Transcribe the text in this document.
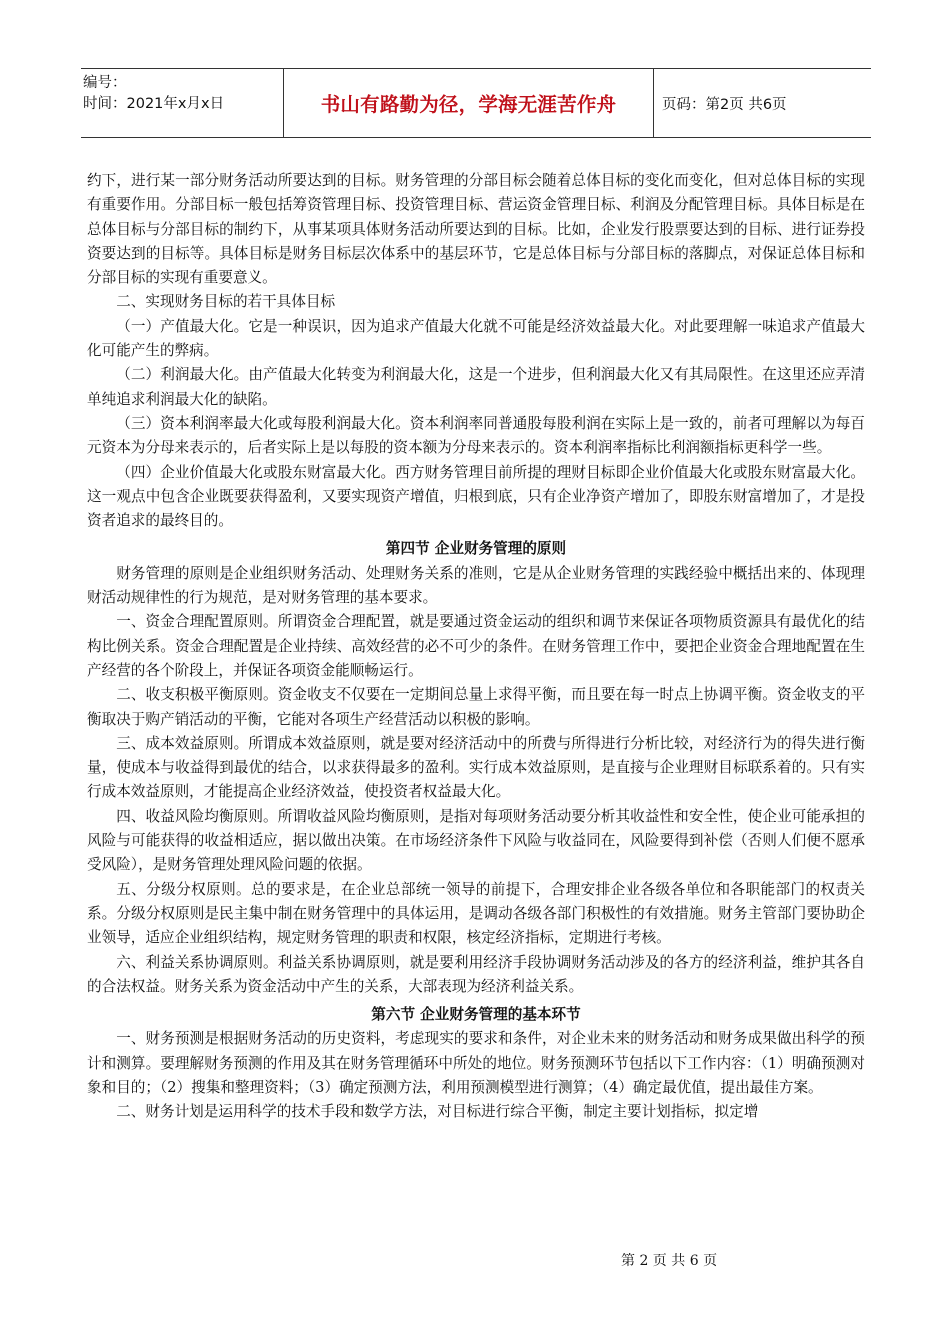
编号：
时间：2021年x月x日	书山有路勤为径，学海无涯苦作舟	页码：第2页 共6页

约下，进行某一部分财务活动所要达到的目标。财务管理的分部目标会随着总体目标的变化而变化，但对总体目标的实现有重要作用。分部目标一般包括筹资管理目标、投资管理目标、营运资金管理目标、利润及分配管理目标。具体目标是在总体目标与分部目标的制约下，从事某项具体财务活动所要达到的目标。比如，企业发行股票要达到的目标、进行证券投资要达到的目标等。具体目标是财务目标层次体系中的基层环节，它是总体目标与分部目标的落脚点，对保证总体目标和分部目标的实现有重要意义。

二、实现财务目标的若干具体目标

（一）产值最大化。它是一种误识，因为追求产值最大化就不可能是经济效益最大化。对此要理解一味追求产值最大化可能产生的弊病。

（二）利润最大化。由产值最大化转变为利润最大化，这是一个进步，但利润最大化又有其局限性。在这里还应弄清单纯追求利润最大化的缺陷。

（三）资本利润率最大化或每股利润最大化。资本利润率同普通股每股利润在实际上是一致的，前者可理解以为每百元资本为分母来表示的，后者实际上是以每股的资本额为分母来表示的。资本利润率指标比利润额指标更科学一些。

（四）企业价值最大化或股东财富最大化。西方财务管理目前所提的理财目标即企业价值最大化或股东财富最大化。这一观点中包含企业既要获得盈利，又要实现资产增值，归根到底，只有企业净资产增加了，即股东财富增加了，才是投资者追求的最终目的。

第四节 企业财务管理的原则

财务管理的原则是企业组织财务活动、处理财务关系的准则，它是从企业财务管理的实践经验中概括出来的、体现理财活动规律性的行为规范，是对财务管理的基本要求。

一、资金合理配置原则。所谓资金合理配置，就是要通过资金运动的组织和调节来保证各项物质资源具有最优化的结构比例关系。资金合理配置是企业持续、高效经营的必不可少的条件。在财务管理工作中，要把企业资金合理地配置在生产经营的各个阶段上，并保证各项资金能顺畅运行。

二、收支积极平衡原则。资金收支不仅要在一定期间总量上求得平衡，而且要在每一时点上协调平衡。资金收支的平衡取决于购产销活动的平衡，它能对各项生产经营活动以积极的影响。

三、成本效益原则。所谓成本效益原则，就是要对经济活动中的所费与所得进行分析比较，对经济行为的得失进行衡量，使成本与收益得到最优的结合，以求获得最多的盈利。实行成本效益原则，是直接与企业理财目标联系着的。只有实行成本效益原则，才能提高企业经济效益，使投资者权益最大化。

四、收益风险均衡原则。所谓收益风险均衡原则，是指对每项财务活动要分析其收益性和安全性，使企业可能承担的风险与可能获得的收益相适应，据以做出决策。在市场经济条件下风险与收益同在，风险要得到补偿（否则人们便不愿承受风险），是财务管理处理风险问题的依据。

五、分级分权原则。总的要求是，在企业总部统一领导的前提下，合理安排企业各级各单位和各职能部门的权责关系。分级分权原则是民主集中制在财务管理中的具体运用，是调动各级各部门积极性的有效措施。财务主管部门要协助企业领导，适应企业组织结构，规定财务管理的职责和权限，核定经济指标，定期进行考核。

六、利益关系协调原则。利益关系协调原则，就是要利用经济手段协调财务活动涉及的各方的经济利益，维护其各自的合法权益。财务关系为资金活动中产生的关系，大部表现为经济利益关系。

第六节 企业财务管理的基本环节

一、财务预测是根据财务活动的历史资料，考虑现实的要求和条件，对企业未来的财务活动和财务成果做出科学的预计和测算。要理解财务预测的作用及其在财务管理循环中所处的地位。财务预测环节包括以下工作内容：（1）明确预测对象和目的；（2）搜集和整理资料；（3）确定预测方法，利用预测模型进行测算；（4）确定最优值，提出最佳方案。

二、财务计划是运用科学的技术手段和数学方法，对目标进行综合平衡，制定主要计划指标，拟定增

第 2 页 共 6 页
